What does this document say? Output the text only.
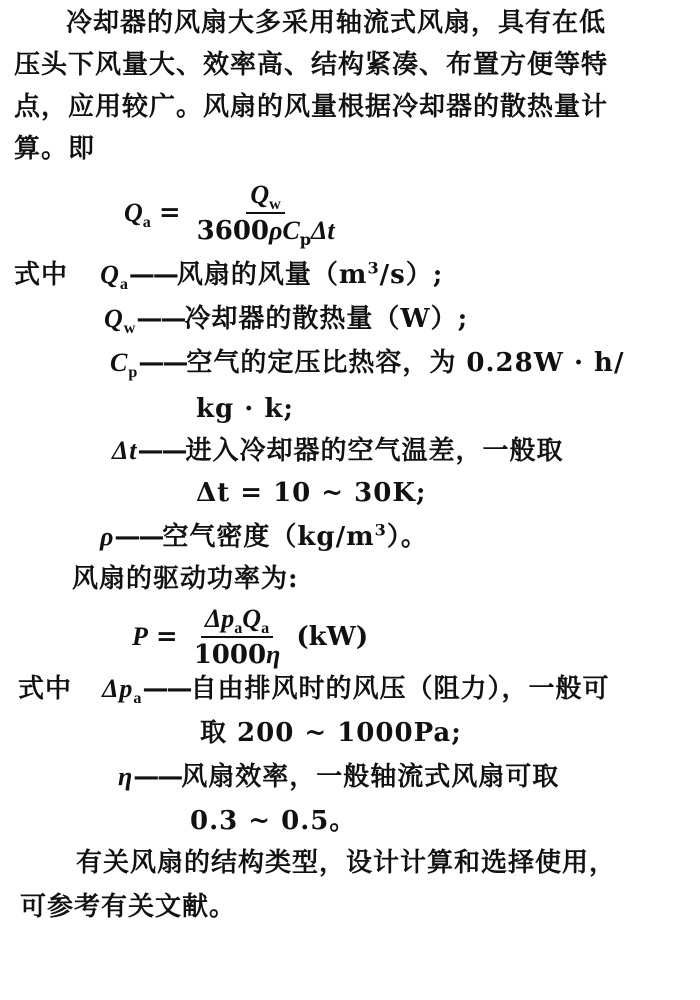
冷却器的风扇大多采用轴流式风扇，具有在低
压头下风量大、效率高、结构紧凑、布置方便等特
点，应用较广。风扇的风量根据冷却器的散热量计
算。即
$Q_a = \frac{Q_w}{3600\rho C_p\Delta t}$
式中 $Q_a——$风扇的风量$(m^3/s)$;
$Q_w——$冷却器的散热量（W）;
$C_p——$空气的定压比热容，为 0.28W · h/
kg · k;
Δt——进入冷却器的空气温差，一般取
Δt = 10 ~ 30K;
ρ——空气密度$(kg/m^3)$。
风扇的驱动功率为:
$P = \frac{\Delta p_aQ_a}{1000\eta} (kW)$
式中 $\Delta p_a——$自由排风时的风压（阻力），一般可
取 200 ~ 1000Pa;
η——风扇效率，一般轴流式风扇可取
0.3 ~ 0.5。
有关风扇的结构类型，设计计算和选择使用，
可参考有关文献。
